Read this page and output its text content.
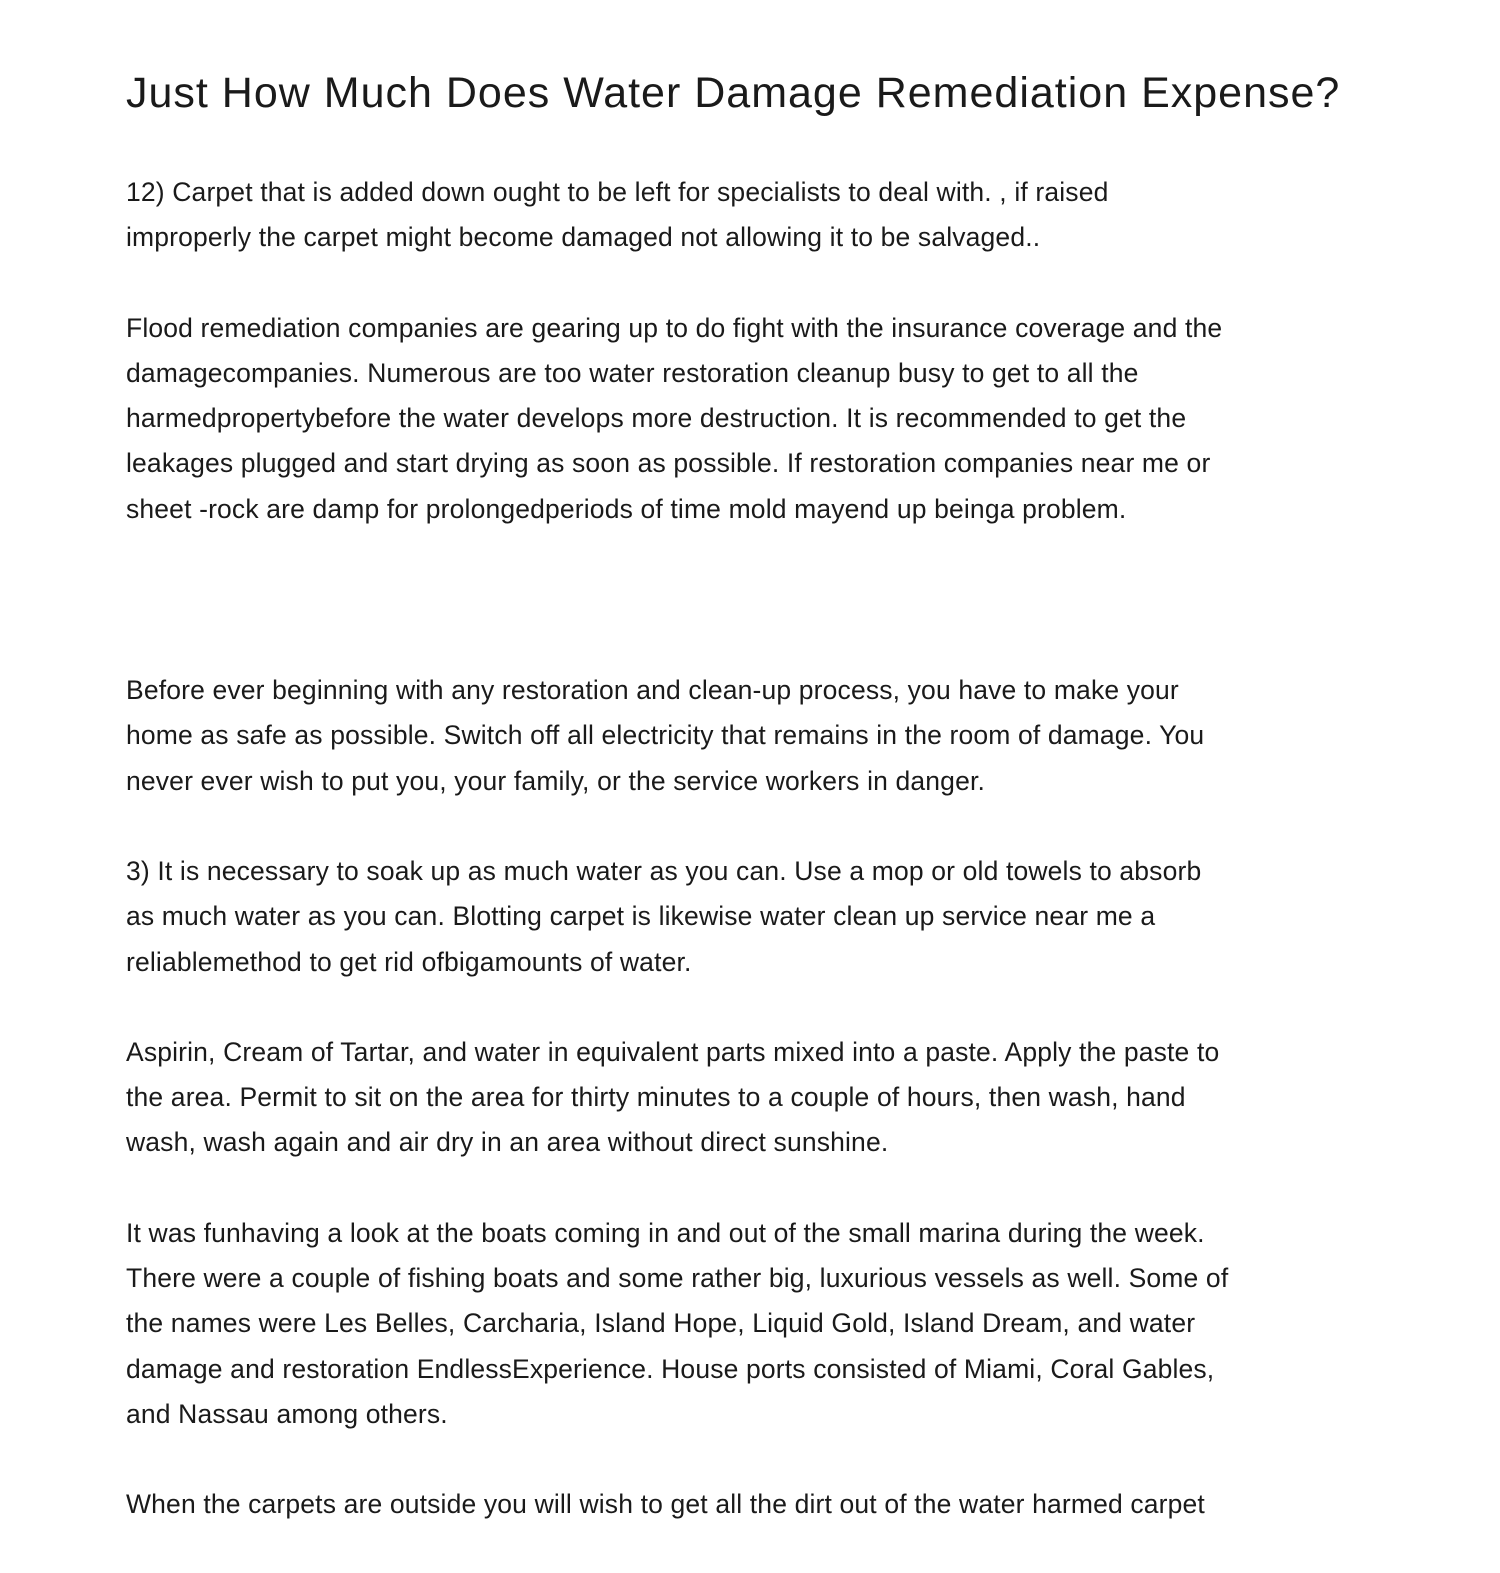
Just How Much Does Water Damage Remediation Expense?
12) Carpet that is added down ought to be left for specialists to deal with. , if raised
improperly the carpet might become damaged not allowing it to be salvaged..
Flood remediation companies are gearing up to do fight with the insurance coverage and the
damagecompanies. Numerous are too water restoration cleanup busy to get to all the
harmedpropertybefore the water develops more destruction. It is recommended to get the
leakages plugged and start drying as soon as possible. If restoration companies near me or
sheet -rock are damp for prolongedperiods of time mold mayend up beinga problem.
Before ever beginning with any restoration and clean-up process, you have to make your
home as safe as possible. Switch off all electricity that remains in the room of damage. You
never ever wish to put you, your family, or the service workers in danger.
3) It is necessary to soak up as much water as you can. Use a mop or old towels to absorb
as much water as you can. Blotting carpet is likewise water clean up service near me a
reliablemethod to get rid ofbigamounts of water.
Aspirin, Cream of Tartar, and water in equivalent parts mixed into a paste. Apply the paste to
the area. Permit to sit on the area for thirty minutes to a couple of hours, then wash, hand
wash, wash again and air dry in an area without direct sunshine.
It was funhaving a look at the boats coming in and out of the small marina during the week.
There were a couple of fishing boats and some rather big, luxurious vessels as well. Some of
the names were Les Belles, Carcharia, Island Hope, Liquid Gold, Island Dream, and water
damage and restoration EndlessExperience. House ports consisted of Miami, Coral Gables,
and Nassau among others.
When the carpets are outside you will wish to get all the dirt out of the water harmed carpet
